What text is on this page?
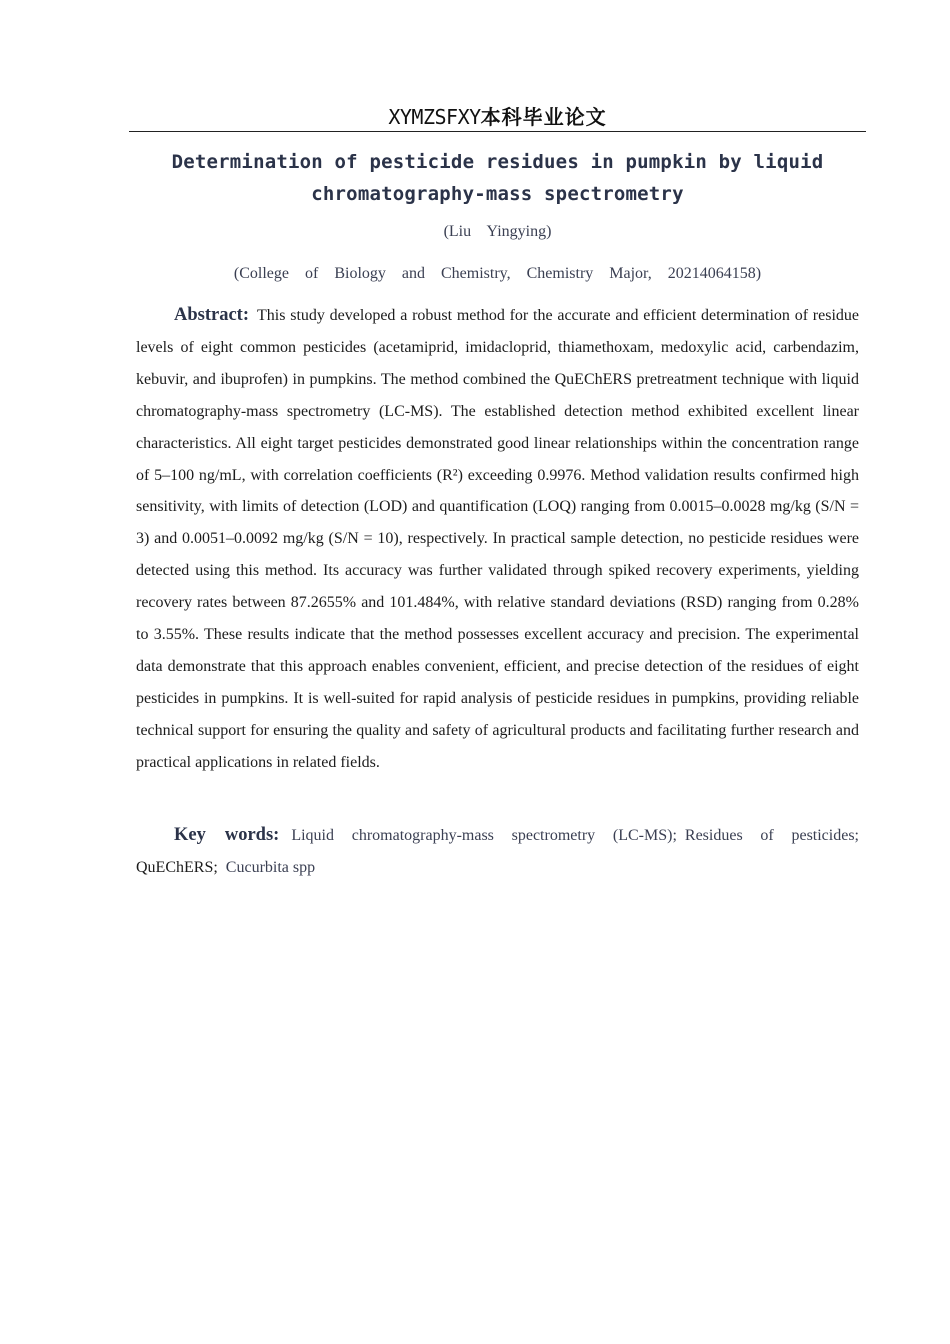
XYMZSFXY本科毕业论文
Determination of pesticide residues in pumpkin by liquid chromatography-mass spectrometry
(Liu  Yingying)
(College  of  Biology  and  Chemistry,  Chemistry  Major,  20214064158)
Abstract: This study developed a robust method for the accurate and efficient determination of residue levels of eight common pesticides (acetamiprid, imidacloprid, thiamethoxam, medoxylic acid, carbendazim, kebuvir, and ibuprofen) in pumpkins. The method combined the QuEChERS pretreatment technique with liquid chromatography-mass spectrometry (LC-MS). The established detection method exhibited excellent linear characteristics. All eight target pesticides demonstrated good linear relationships within the concentration range of 5–100 ng/mL, with correlation coefficients (R²) exceeding 0.9976. Method validation results confirmed high sensitivity, with limits of detection (LOD) and quantification (LOQ) ranging from 0.0015–0.0028 mg/kg (S/N = 3) and 0.0051–0.0092 mg/kg (S/N = 10), respectively. In practical sample detection, no pesticide residues were detected using this method. Its accuracy was further validated through spiked recovery experiments, yielding recovery rates between 87.2655% and 101.484%, with relative standard deviations (RSD) ranging from 0.28% to 3.55%. These results indicate that the method possesses excellent accuracy and precision. The experimental data demonstrate that this approach enables convenient, efficient, and precise detection of the residues of eight pesticides in pumpkins. It is well-suited for rapid analysis of pesticide residues in pumpkins, providing reliable technical support for ensuring the quality and safety of agricultural products and facilitating further research and practical applications in related fields.
Key  words: Liquid  chromatography-mass  spectrometry  (LC-MS); Residues  of  pesticides; QuEChERS; Cucurbita spp
